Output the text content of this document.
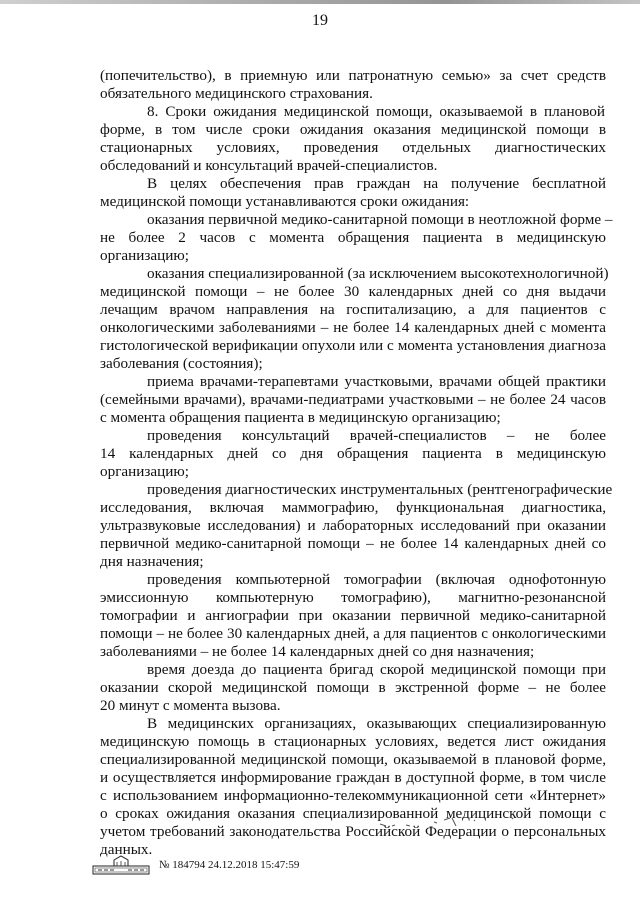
19
(попечительство), в приемную или патронатную семью» за счет средств
обязательного медицинского страхования.
8. Сроки ожидания медицинской помощи, оказываемой в плановой
форме, в том числе сроки ожидания оказания медицинской помощи в
стационарных условиях, проведения отдельных диагностических
обследований и консультаций врачей-специалистов.
В целях обеспечения прав граждан на получение бесплатной
медицинской помощи устанавливаются сроки ожидания:
оказания первичной медико-санитарной помощи в неотложной форме –
не более 2 часов с момента обращения пациента в медицинскую
организацию;
оказания специализированной (за исключением высокотехнологичной)
медицинской помощи – не более 30 календарных дней со дня выдачи
лечащим врачом направления на госпитализацию, а для пациентов с
онкологическими заболеваниями – не более 14 календарных дней с момента
гистологической верификации опухоли или с момента установления диагноза
заболевания (состояния);
приема врачами-терапевтами участковыми, врачами общей практики
(семейными врачами), врачами-педиатрами участковыми – не более 24 часов
с момента обращения пациента в медицинскую организацию;
проведения консультаций врачей-специалистов – не более
14 календарных дней со дня обращения пациента в медицинскую
организацию;
проведения диагностических инструментальных (рентгенографические
исследования, включая маммографию, функциональная диагностика,
ультразвуковые исследования) и лабораторных исследований при оказании
первичной медико-санитарной помощи – не более 14 календарных дней со
дня назначения;
проведения компьютерной томографии (включая однофотонную
эмиссионную компьютерную томографию), магнитно-резонансной
томографии и ангиографии при оказании первичной медико-санитарной
помощи – не более 30 календарных дней, а для пациентов с онкологическими
заболеваниями – не более 14 календарных дней со дня назначения;
время доезда до пациента бригад скорой медицинской помощи при
оказании скорой медицинской помощи в экстренной форме – не более
20 минут с момента вызова.
В медицинских организациях, оказывающих специализированную
медицинскую помощь в стационарных условиях, ведется лист ожидания
специализированной медицинской помощи, оказываемой в плановой форме,
и осуществляется информирование граждан в доступной форме, в том числе
с использованием информационно-телекоммуникационной сети «Интернет»
о сроках ожидания оказания специализированной медицинской помощи с
учетом требований законодательства Российской Федерации о персональных
данных.
№ 184794 24.12.2018 15:47:59
